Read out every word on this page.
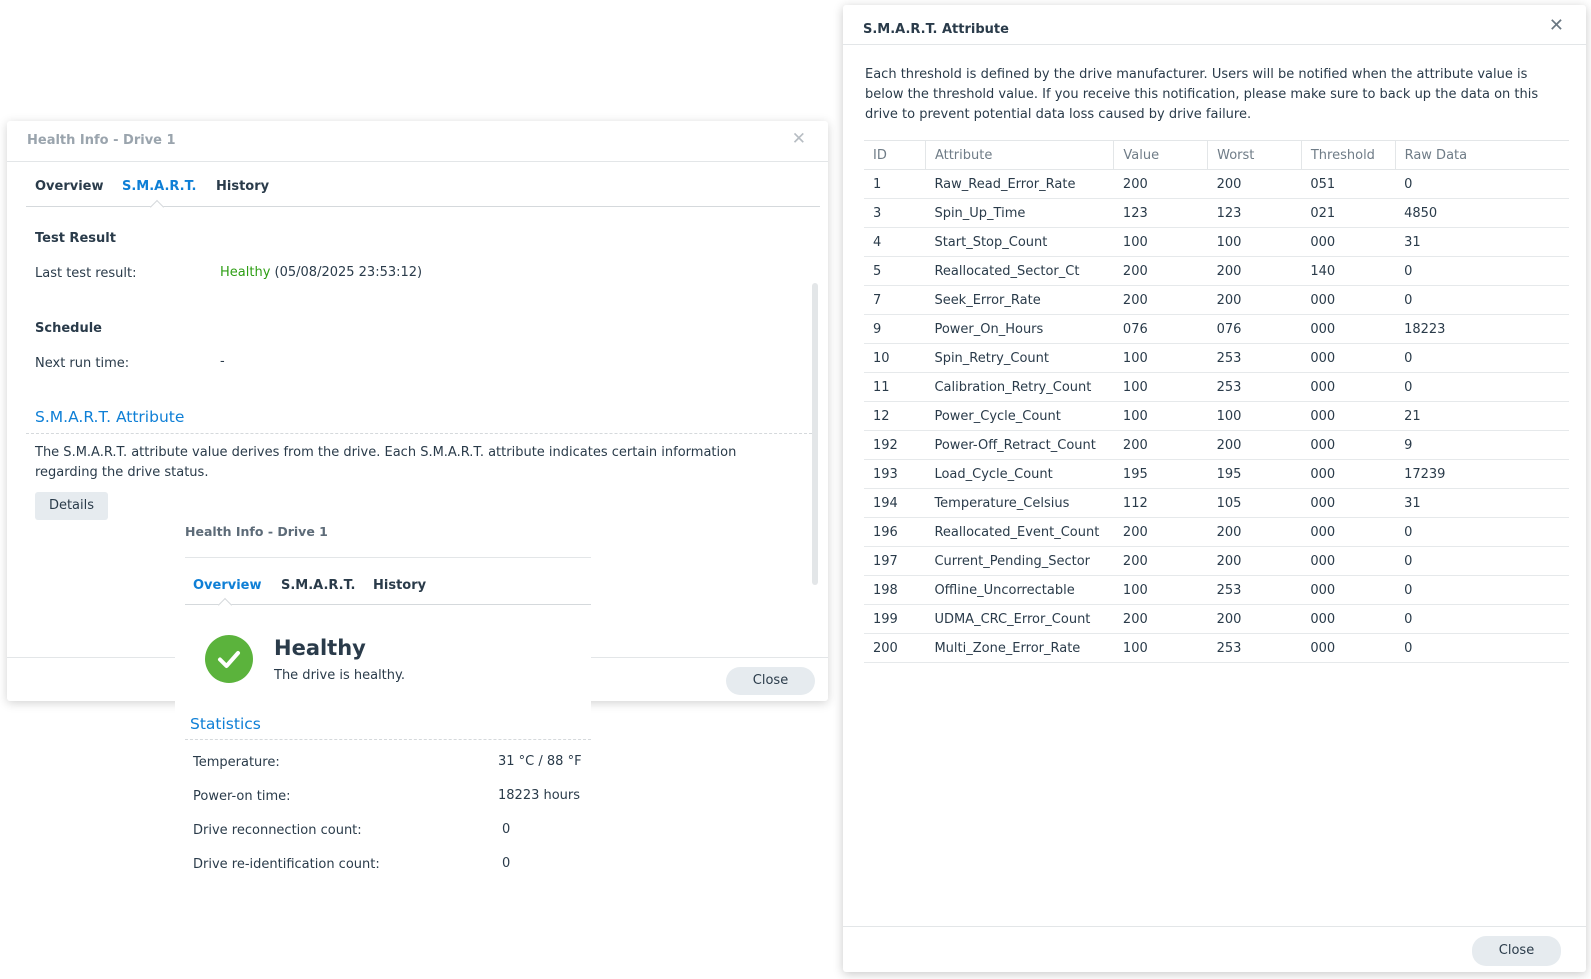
Health Info - Drive 1	✕
Overview S.M.A.R.T. History
Test Result
Last test result:	Healthy (05/08/2025 23:53:12)
Schedule
Next run time:	-
S.M.A.R.T. Attribute
The S.M.A.R.T. attribute value derives from the drive. Each S.M.A.R.T. attribute indicates certain information regarding the drive status.
Details
Close
Health Info - Drive 1
Overview S.M.A.R.T. History
Healthy
The drive is healthy.
Statistics
Temperature:	31 °C / 88 °F
Power-on time:	18223 hours
Drive reconnection count:	0
Drive re-identification count:	0
S.M.A.R.T. Attribute	✕
Each threshold is defined by the drive manufacturer. Users will be notified when the attribute value is below the threshold value. If you receive this notification, please make sure to back up the data on this drive to prevent potential data loss caused by drive failure.
ID	Attribute	Value	Worst	Threshold	Raw Data
1	Raw_Read_Error_Rate	200	200	051	0
3	Spin_Up_Time	123	123	021	4850
4	Start_Stop_Count	100	100	000	31
5	Reallocated_Sector_Ct	200	200	140	0
7	Seek_Error_Rate	200	200	000	0
9	Power_On_Hours	076	076	000	18223
10	Spin_Retry_Count	100	253	000	0
11	Calibration_Retry_Count	100	253	000	0
12	Power_Cycle_Count	100	100	000	21
192	Power-Off_Retract_Count	200	200	000	9
193	Load_Cycle_Count	195	195	000	17239
194	Temperature_Celsius	112	105	000	31
196	Reallocated_Event_Count	200	200	000	0
197	Current_Pending_Sector	200	200	000	0
198	Offline_Uncorrectable	100	253	000	0
199	UDMA_CRC_Error_Count	200	200	000	0
200	Multi_Zone_Error_Rate	100	253	000	0
Close
